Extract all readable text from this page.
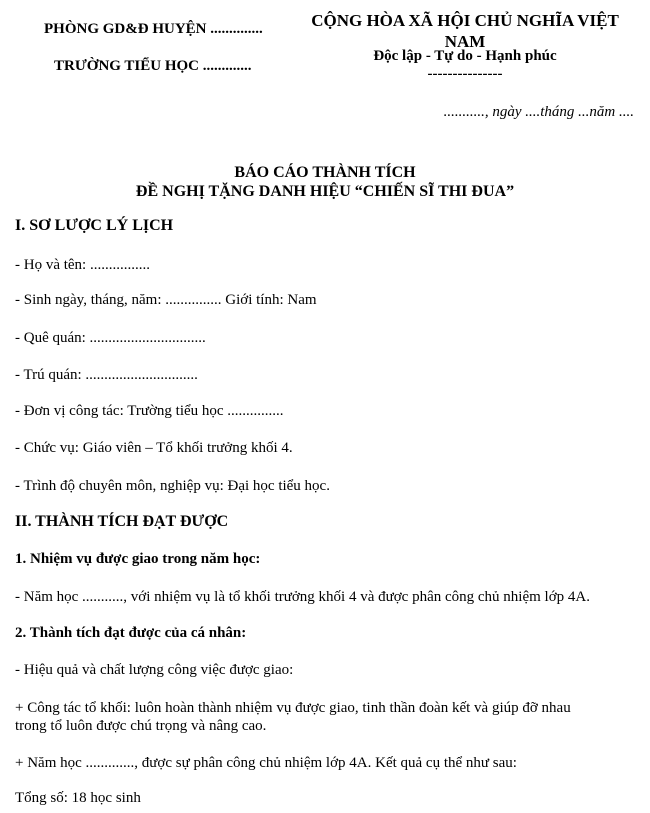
PHÒNG GD&Đ HUYỆN ..............

TRƯỜNG TIỂU HỌC .............

CỘNG HÒA XÃ HỘI CHỦ NGHĨA VIỆT NAM

Độc lập - Tự do - Hạnh phúc

---------------

..........., ngày ....tháng ...năm ....

BÁO CÁO THÀNH TÍCH

ĐỀ NGHỊ TẶNG DANH HIỆU “CHIẾN SĨ THI ĐUA”

I. SƠ LƯỢC LÝ LỊCH

- Họ và tên: ................

- Sinh ngày, tháng, năm: ............... Giới tính: Nam

- Quê quán: ...............................

- Trú quán: ..............................

- Đơn vị công tác: Trường tiểu học ...............

- Chức vụ: Giáo viên – Tổ khối trưởng khối 4.

- Trình độ chuyên môn, nghiệp vụ: Đại học tiểu học.

II. THÀNH TÍCH ĐẠT ĐƯỢC

1. Nhiệm vụ được giao trong năm học:

- Năm học ..........., với nhiệm vụ là tổ khối trưởng khối 4 và được phân công chủ nhiệm lớp 4A.

2. Thành tích đạt được của cá nhân:

- Hiệu quả và chất lượng công việc được giao:

+ Công tác tổ khối: luôn hoàn thành nhiệm vụ được giao, tinh thần đoàn kết và giúp đỡ nhau

trong tổ luôn được chú trọng và nâng cao.

+ Năm học ............., được sự phân công chủ nhiệm lớp 4A. Kết quả cụ thể như sau:

Tổng số: 18 học sinh
